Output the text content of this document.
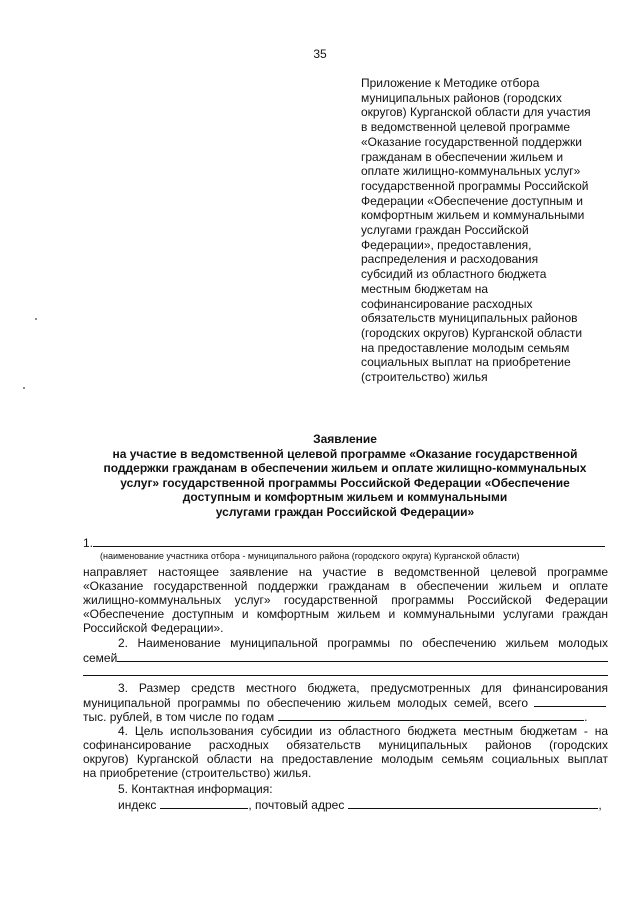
35
Приложение к Методике отбора
муниципальных районов (городских
округов) Курганской области для участия
в ведомственной целевой программе
«Оказание государственной поддержки
гражданам в обеспечении жильем и
оплате жилищно-коммунальных услуг»
государственной программы Российской
Федерации «Обеспечение доступным и
комфортным жильем и коммунальными
услугами граждан Российской
Федерации», предоставления,
распределения и расходования
субсидий из областного бюджета
местным бюджетам на
софинансирование расходных
обязательств муниципальных районов
(городских округов) Курганской области
на предоставление молодым семьям
социальных выплат на приобретение
(строительство) жилья
Заявление
на участие в ведомственной целевой программе «Оказание государственной
поддержки гражданам в обеспечении жильем и оплате жилищно-коммунальных
услуг» государственной программы Российской Федерации «Обеспечение
доступным и комфортным жильем и коммунальными
услугами граждан Российской Федерации»
1.
(наименование участника отбора - муниципального района (городского округа) Курганской области)
направляет настоящее заявление на участие в ведомственной целевой программе
«Оказание государственной поддержки гражданам в обеспечении жильем и оплате
жилищно-коммунальных услуг» государственной программы Российской Федерации
«Обеспечение доступным и комфортным жильем и коммунальными услугами граждан
Российской Федерации».
2. Наименование муниципальной программы по обеспечению жильем молодых
семей
3. Размер средств местного бюджета, предусмотренных для финансирования
муниципальной программы по обеспечению жильем молодых семей, всего
тыс. рублей, в том числе по годам	.
4. Цель использования субсидии из областного бюджета местным бюджетам - на
софинансирование расходных обязательств муниципальных районов (городских
округов) Курганской области на предоставление молодым семьям социальных выплат
на приобретение (строительство) жилья.
5. Контактная информация:
индекс	, почтовый адрес	,
